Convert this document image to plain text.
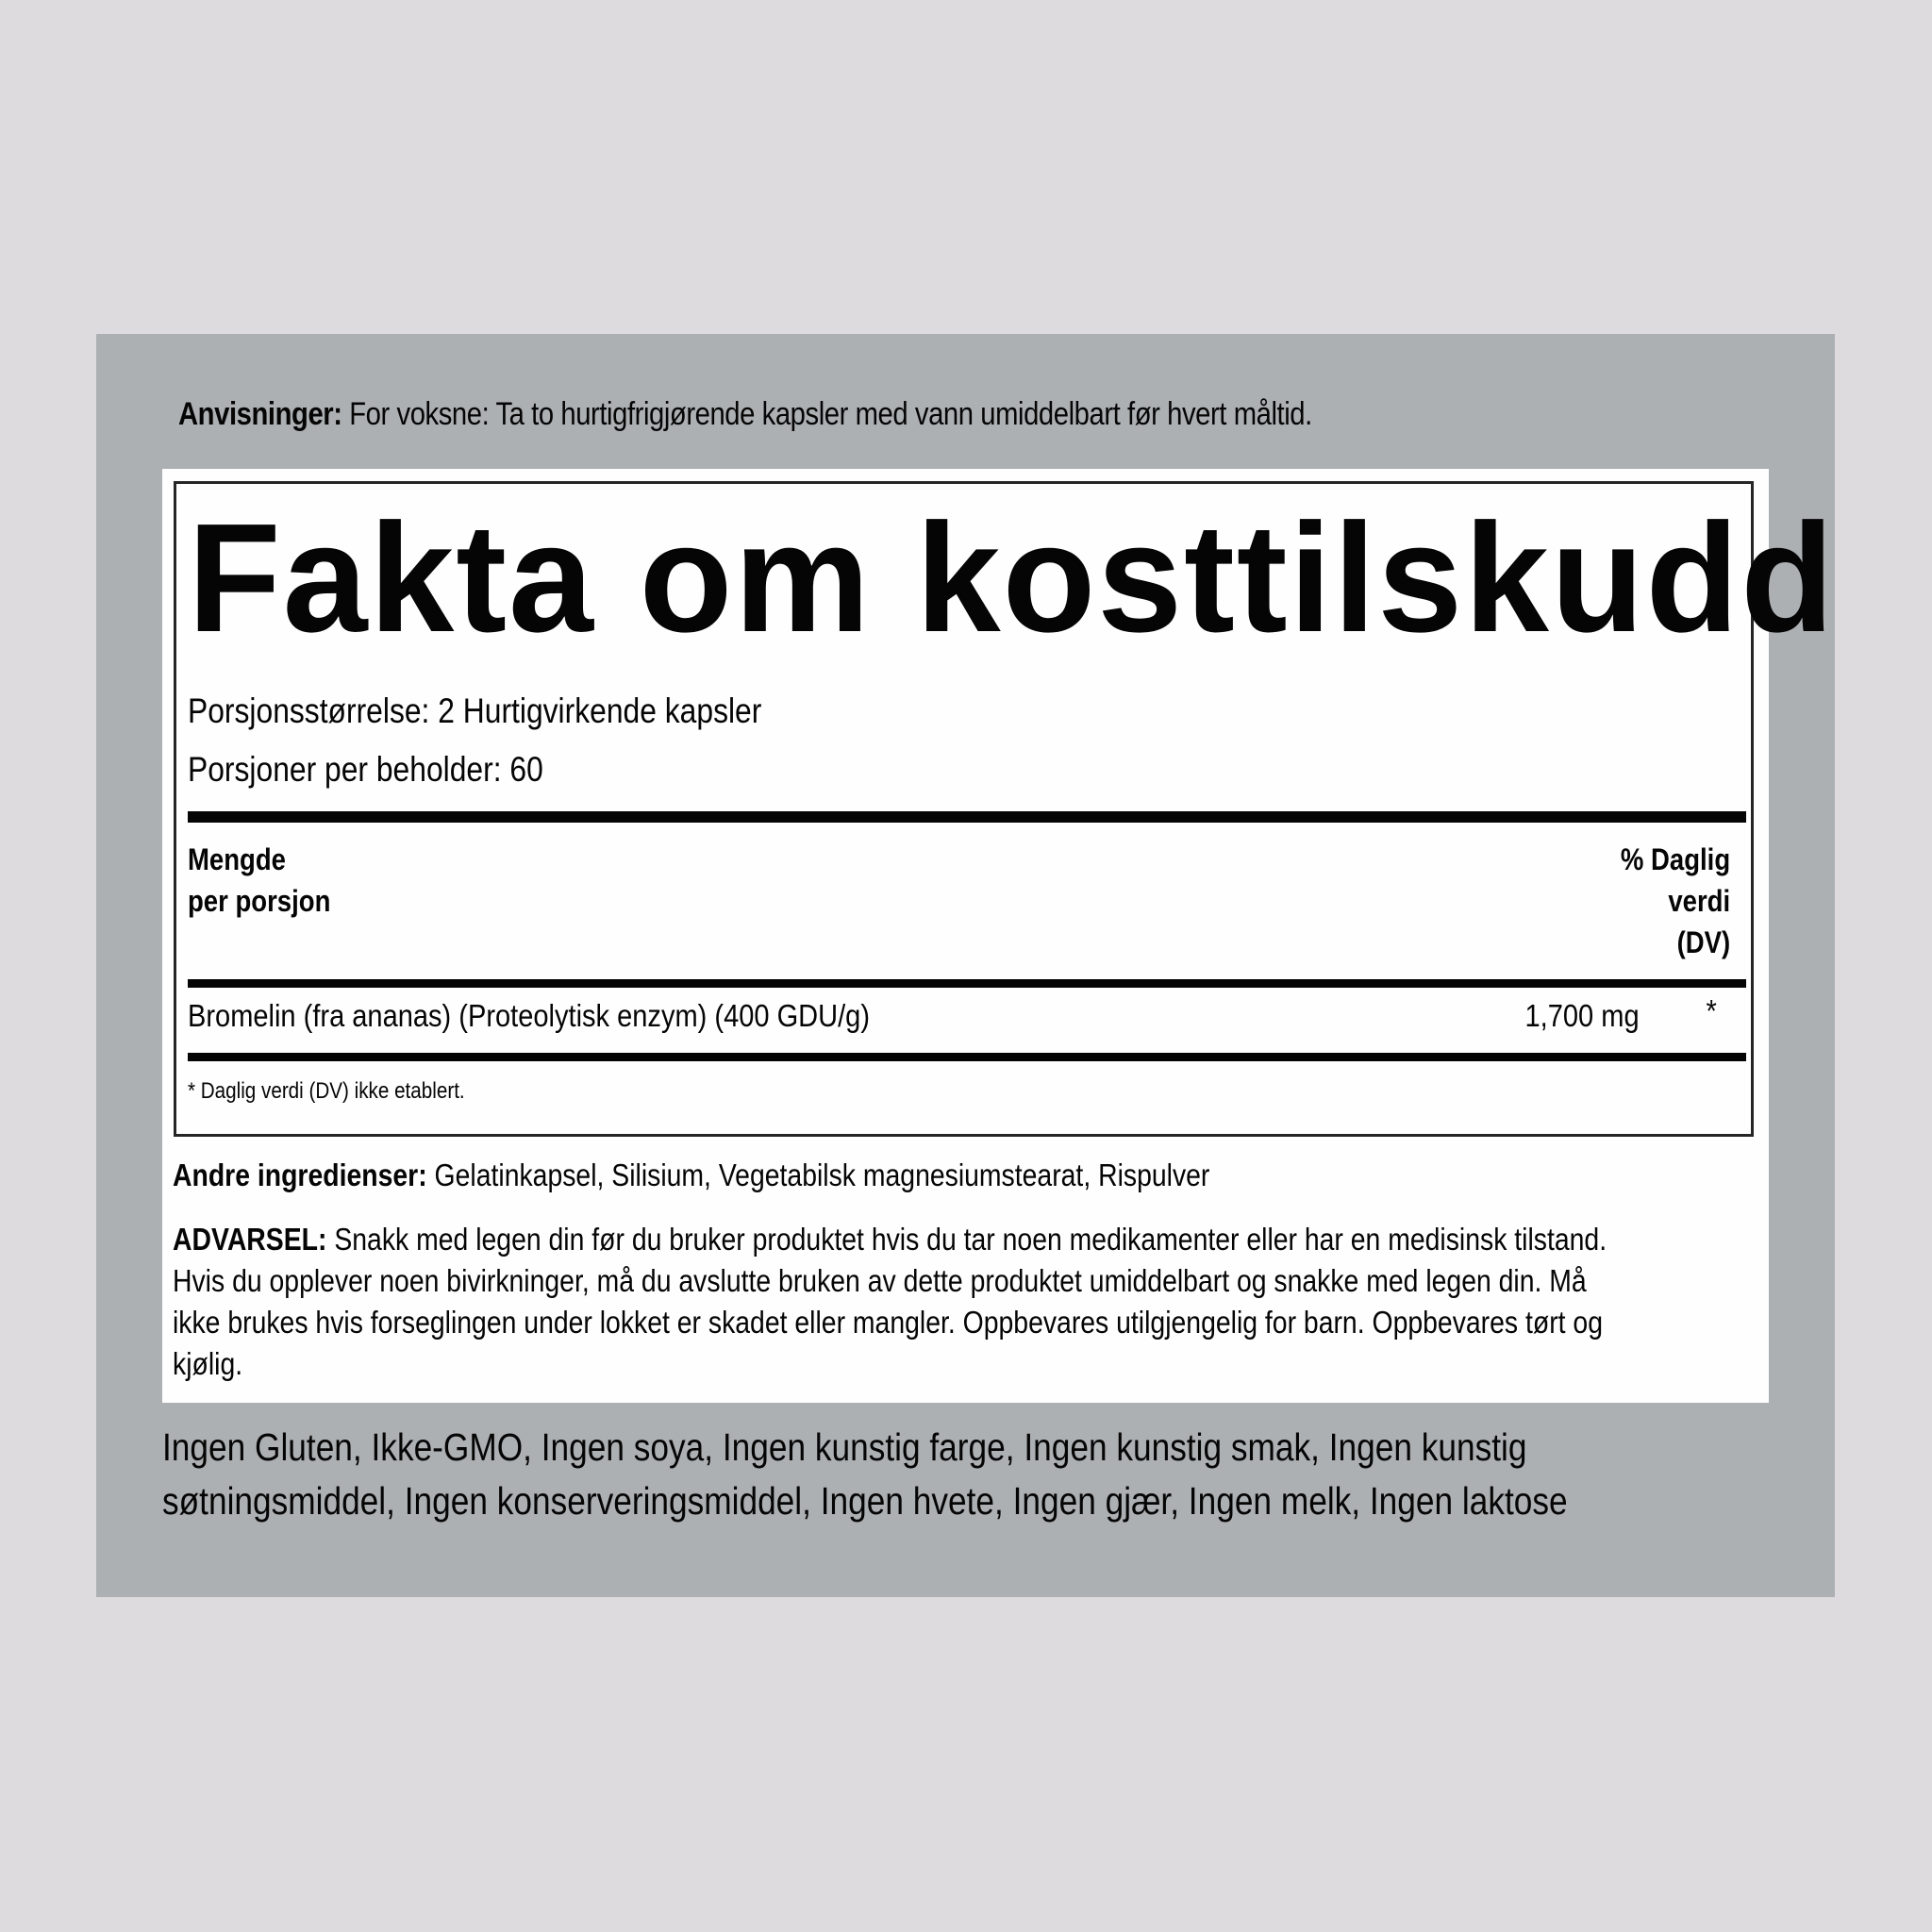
Anvisninger: For voksne: Ta to hurtigfrigjørende kapsler med vann umiddelbart før hvert måltid.
Fakta om kosttilskudd
Porsjonsstørrelse: 2 Hurtigvirkende kapsler
Porsjoner per beholder: 60
Mengde
per porsjon
% Daglig
verdi
(DV)
Bromelin (fra ananas) (Proteolytisk enzym) (400 GDU/g)	1,700 mg *
* Daglig verdi (DV) ikke etablert.
Andre ingredienser: Gelatinkapsel, Silisium, Vegetabilsk magnesiumstearat, Rispulver
ADVARSEL: Snakk med legen din før du bruker produktet hvis du tar noen medikamenter eller har en medisinsk tilstand.
Hvis du opplever noen bivirkninger, må du avslutte bruken av dette produktet umiddelbart og snakke med legen din. Må
ikke brukes hvis forseglingen under lokket er skadet eller mangler. Oppbevares utilgjengelig for barn. Oppbevares tørt og
kjølig.
Ingen Gluten, Ikke-GMO, Ingen soya, Ingen kunstig farge, Ingen kunstig smak, Ingen kunstig
søtningsmiddel, Ingen konserveringsmiddel, Ingen hvete, Ingen gjær, Ingen melk, Ingen laktose
